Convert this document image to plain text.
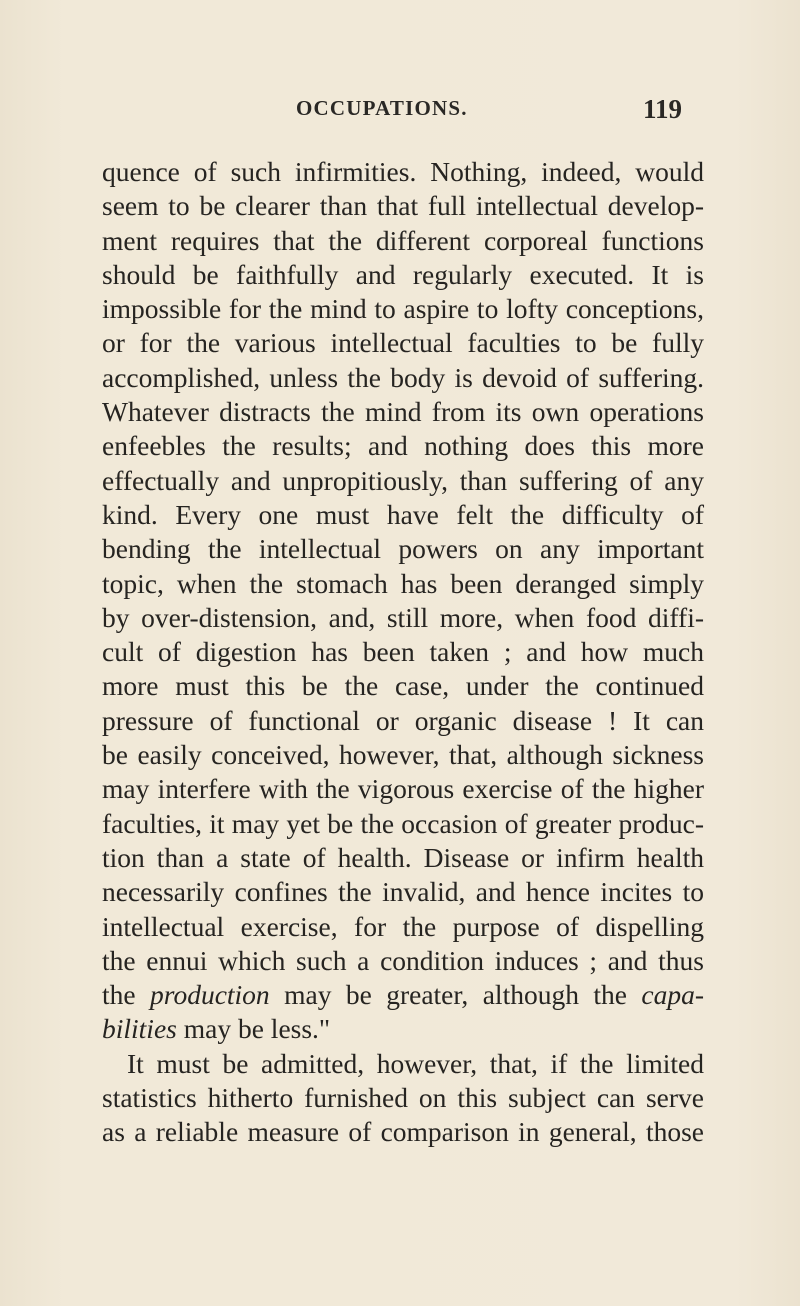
OCCUPATIONS.	119
quence of such infirmities. Nothing, indeed, would
seem to be clearer than that full intellectual develop-
ment requires that the different corporeal functions
should be faithfully and regularly executed. It is
impossible for the mind to aspire to lofty conceptions,
or for the various intellectual faculties to be fully
accomplished, unless the body is devoid of suffering.
Whatever distracts the mind from its own operations
enfeebles the results; and nothing does this more
effectually and unpropitiously, than suffering of any
kind. Every one must have felt the difficulty of
bending the intellectual powers on any important
topic, when the stomach has been deranged simply
by over-distension, and, still more, when food diffi-
cult of digestion has been taken ; and how much
more must this be the case, under the continued
pressure of functional or organic disease ! It can
be easily conceived, however, that, although sickness
may interfere with the vigorous exercise of the higher
faculties, it may yet be the occasion of greater produc-
tion than a state of health. Disease or infirm health
necessarily confines the invalid, and hence incites to
intellectual exercise, for the purpose of dispelling
the ennui which such a condition induces ; and thus
the production may be greater, although the capa-
bilities may be less."
It must be admitted, however, that, if the limited
statistics hitherto furnished on this subject can serve
as a reliable measure of comparison in general, those
